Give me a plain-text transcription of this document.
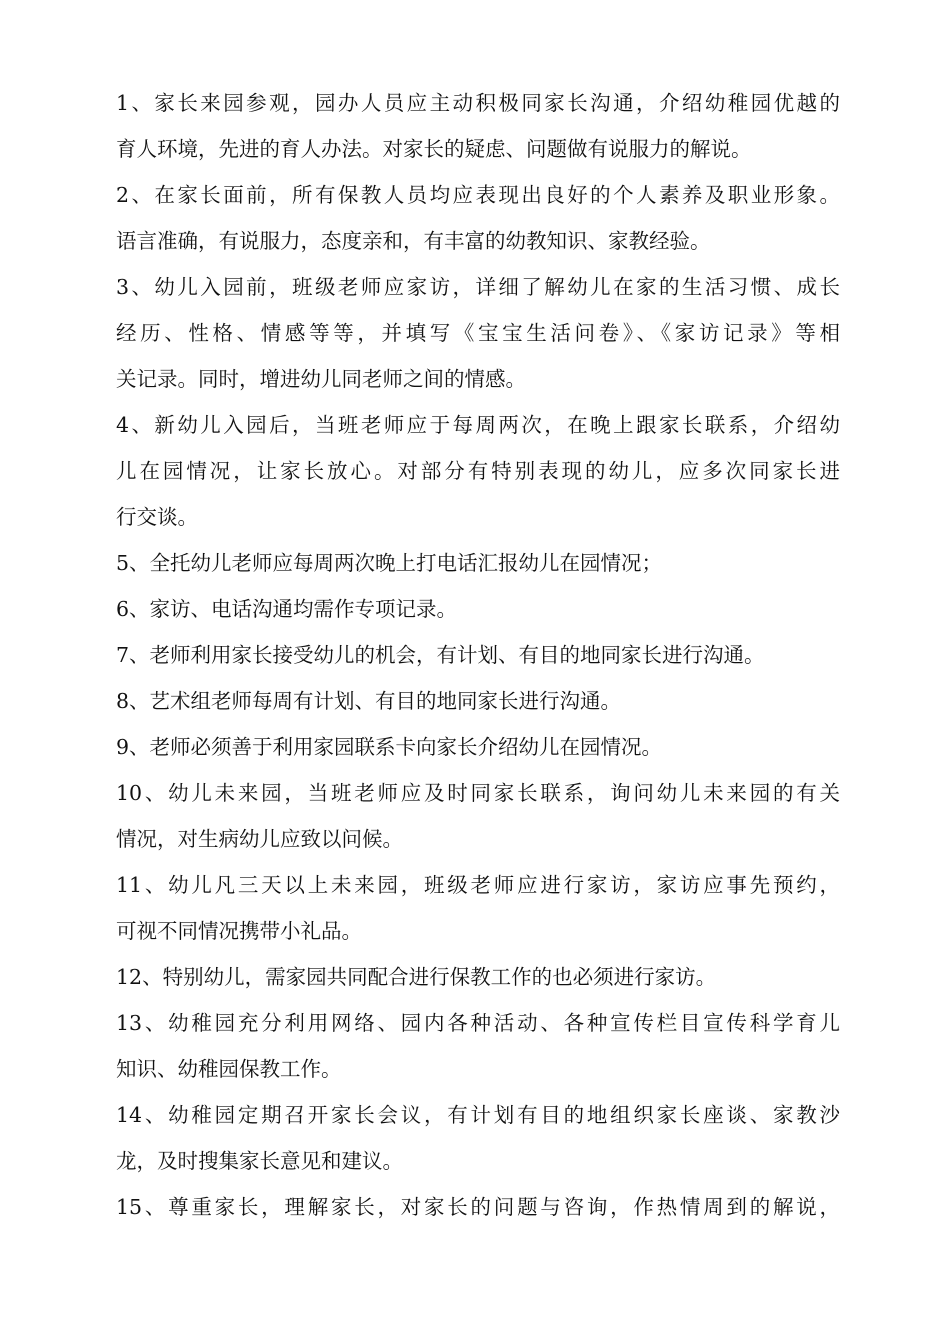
1、家长来园参观，园办人员应主动积极同家长沟通，介绍幼稚园优越的
育人环境，先进的育人办法。对家长的疑虑、问题做有说服力的解说。
2、在家长面前，所有保教人员均应表现出良好的个人素养及职业形象。
语言准确，有说服力，态度亲和，有丰富的幼教知识、家教经验。
3、幼儿入园前，班级老师应家访，详细了解幼儿在家的生活习惯、成长
经历、性格、情感等等，并填写《宝宝生活问卷》、《家访记录》等相
关记录。同时，增进幼儿同老师之间的情感。
4、新幼儿入园后，当班老师应于每周两次，在晚上跟家长联系，介绍幼
儿在园情况，让家长放心。对部分有特别表现的幼儿，应多次同家长进
行交谈。
5、全托幼儿老师应每周两次晚上打电话汇报幼儿在园情况；
6、家访、电话沟通均需作专项记录。
7、老师利用家长接受幼儿的机会，有计划、有目的地同家长进行沟通。
8、艺术组老师每周有计划、有目的地同家长进行沟通。
9、老师必须善于利用家园联系卡向家长介绍幼儿在园情况。
10、幼儿未来园，当班老师应及时同家长联系，询问幼儿未来园的有关
情况，对生病幼儿应致以问候。
11、幼儿凡三天以上未来园，班级老师应进行家访，家访应事先预约，
可视不同情况携带小礼品。
12、特别幼儿，需家园共同配合进行保教工作的也必须进行家访。
13、幼稚园充分利用网络、园内各种活动、各种宣传栏目宣传科学育儿
知识、幼稚园保教工作。
14、幼稚园定期召开家长会议，有计划有目的地组织家长座谈、家教沙
龙，及时搜集家长意见和建议。
15、尊重家长，理解家长，对家长的问题与咨询，作热情周到的解说，
